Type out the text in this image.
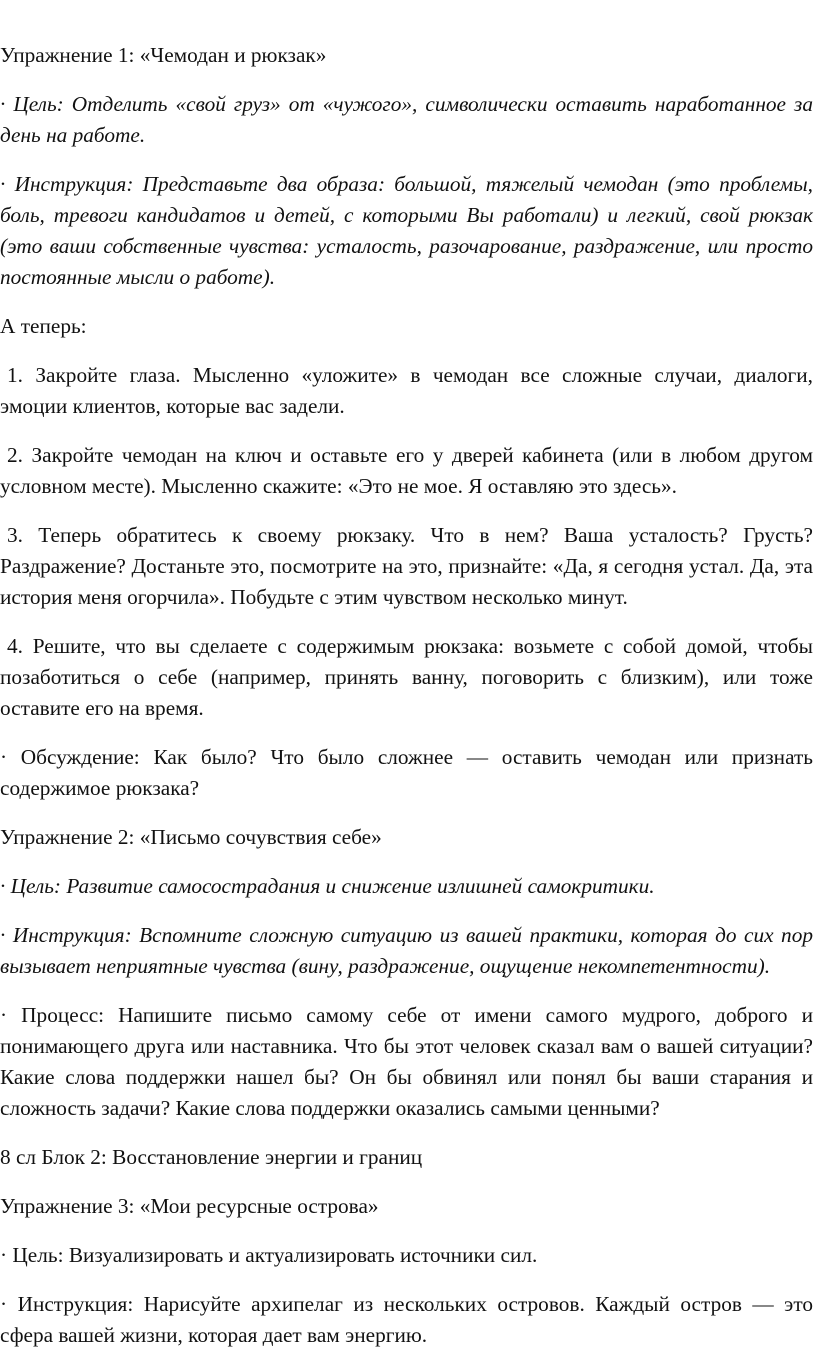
Упражнение 1: «Чемодан и рюкзак»

· Цель: Отделить «свой груз» от «чужого», символически оставить наработанное за день на работе.

· Инструкция: Представьте два образа: большой, тяжелый чемодан (это проблемы, боль, тревоги кандидатов и детей, с которыми Вы работали) и легкий, свой рюкзак (это ваши собственные чувства: усталость, разочарование, раздражение, или просто постоянные мысли о работе).

А теперь:

1. Закройте глаза. Мысленно «уложите» в чемодан все сложные случаи, диалоги, эмоции клиентов, которые вас задели.

2. Закройте чемодан на ключ и оставьте его у дверей кабинета (или в любом другом условном месте). Мысленно скажите: «Это не мое. Я оставляю это здесь».

3. Теперь обратитесь к своему рюкзаку. Что в нем? Ваша усталость? Грусть? Раздражение? Достаньте это, посмотрите на это, признайте: «Да, я сегодня устал. Да, эта история меня огорчила». Побудьте с этим чувством несколько минут.

4. Решите, что вы сделаете с содержимым рюкзака: возьмете с собой домой, чтобы позаботиться о себе (например, принять ванну, поговорить с близким), или тоже оставите его на время.

· Обсуждение: Как было? Что было сложнее — оставить чемодан или признать содержимое рюкзака?

Упражнение 2: «Письмо сочувствия себе»

· Цель: Развитие самосострадания и снижение излишней самокритики.

· Инструкция: Вспомните сложную ситуацию из вашей практики, которая до сих пор вызывает неприятные чувства (вину, раздражение, ощущение некомпетентности).

· Процесс: Напишите письмо самому себе от имени самого мудрого, доброго и понимающего друга или наставника. Что бы этот человек сказал вам о вашей ситуации? Какие слова поддержки нашел бы? Он бы обвинял или понял бы ваши старания и сложность задачи? Какие слова поддержки оказались самыми ценными?

8 сл Блок 2: Восстановление энергии и границ

Упражнение 3: «Мои ресурсные острова»

· Цель: Визуализировать и актуализировать источники сил.

· Инструкция: Нарисуйте архипелаг из нескольких островов. Каждый остров — это сфера вашей жизни, которая дает вам энергию.
